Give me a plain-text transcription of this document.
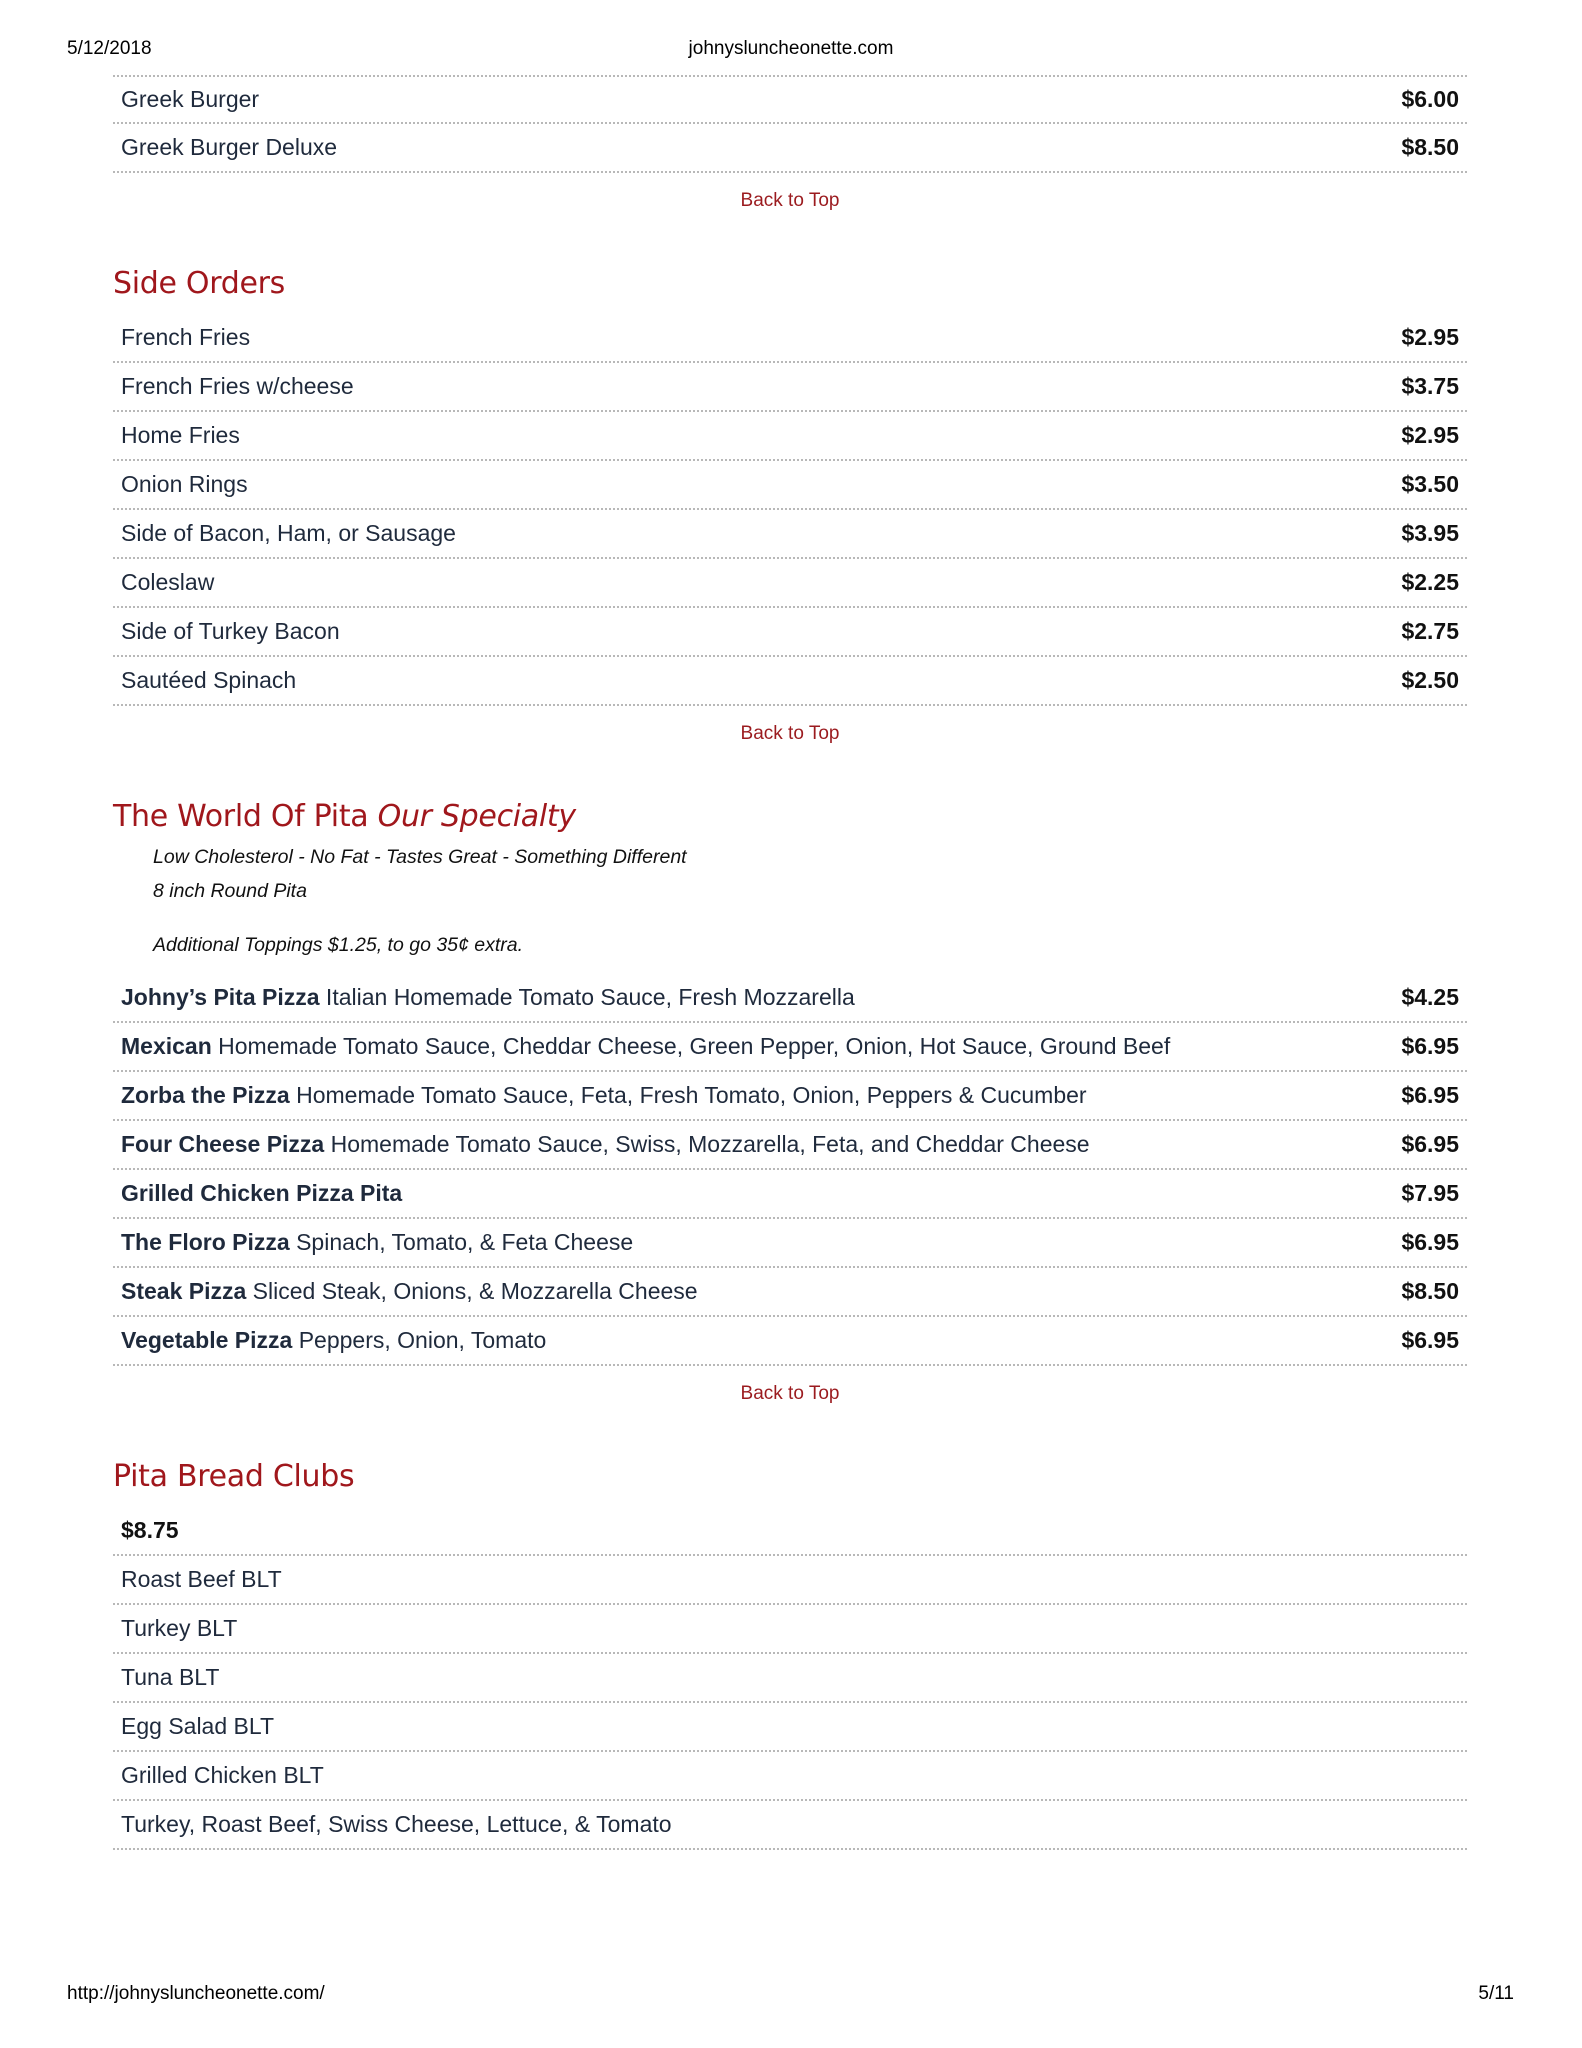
5/12/2018	johnysluncheonette.com
Greek Burger	$6.00
Greek Burger Deluxe	$8.50
Back to Top
Side Orders
French Fries	$2.95
French Fries w/cheese	$3.75
Home Fries	$2.95
Onion Rings	$3.50
Side of Bacon, Ham, or Sausage	$3.95
Coleslaw	$2.25
Side of Turkey Bacon	$2.75
Sautéed Spinach	$2.50
Back to Top
The World Of Pita Our Specialty
Low Cholesterol - No Fat - Tastes Great - Something Different
8 inch Round Pita
Additional Toppings $1.25, to go 35¢ extra.
Johny’s Pita Pizza Italian Homemade Tomato Sauce, Fresh Mozzarella	$4.25
Mexican Homemade Tomato Sauce, Cheddar Cheese, Green Pepper, Onion, Hot Sauce, Ground Beef	$6.95
Zorba the Pizza Homemade Tomato Sauce, Feta, Fresh Tomato, Onion, Peppers & Cucumber	$6.95
Four Cheese Pizza Homemade Tomato Sauce, Swiss, Mozzarella, Feta, and Cheddar Cheese	$6.95
Grilled Chicken Pizza Pita	$7.95
The Floro Pizza Spinach, Tomato, & Feta Cheese	$6.95
Steak Pizza Sliced Steak, Onions, & Mozzarella Cheese	$8.50
Vegetable Pizza Peppers, Onion, Tomato	$6.95
Back to Top
Pita Bread Clubs
$8.75
Roast Beef BLT
Turkey BLT
Tuna BLT
Egg Salad BLT
Grilled Chicken BLT
Turkey, Roast Beef, Swiss Cheese, Lettuce, & Tomato
http://johnysluncheonette.com/	5/11
